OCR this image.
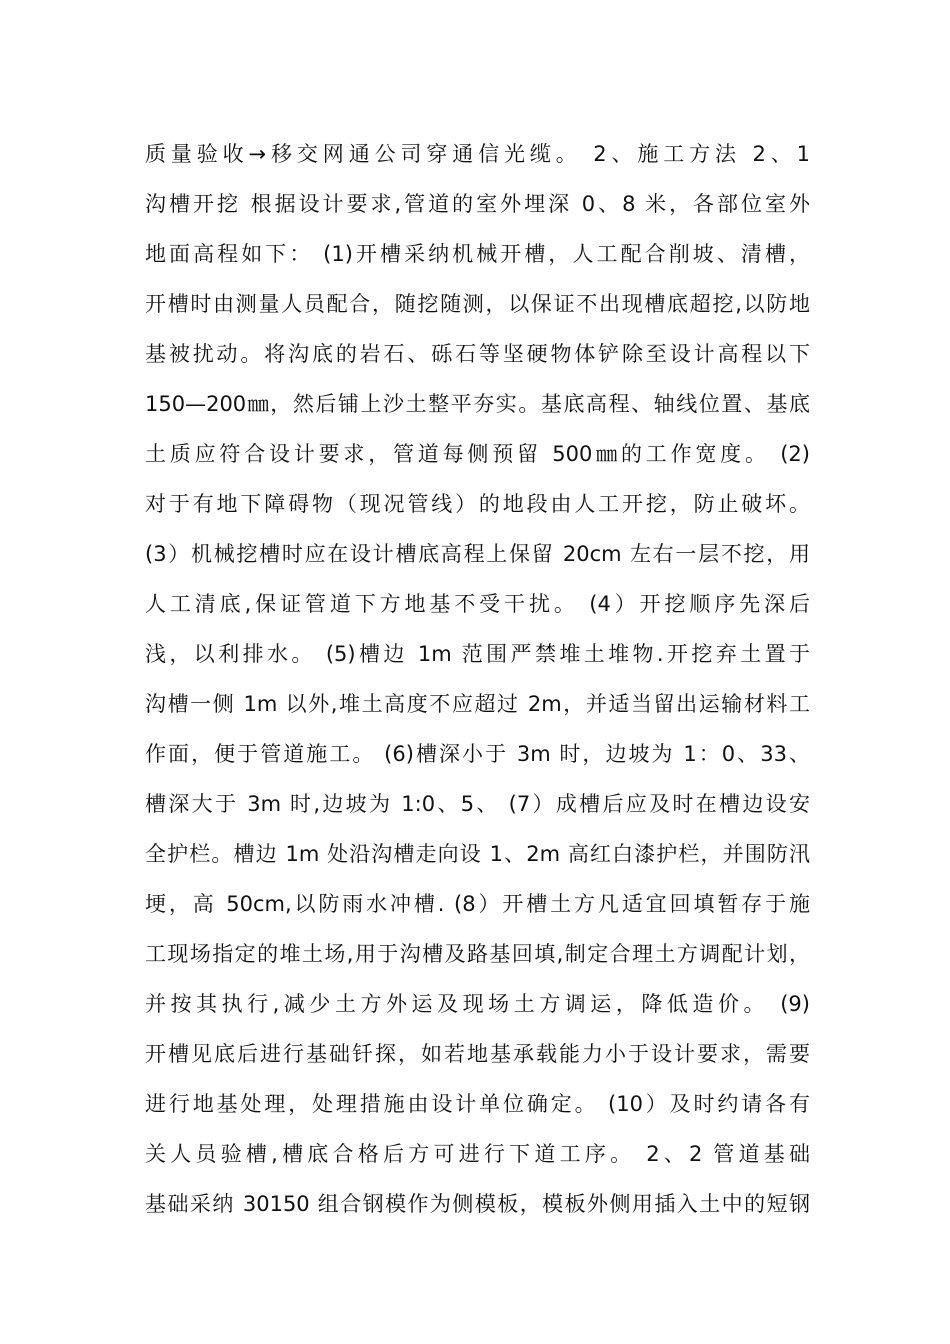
质量验收→移交网通公司穿通信光缆。 2、施工方法 2、1
沟槽开挖 根据设计要求,管道的室外埋深 0、8 米，各部位室外
地面高程如下： (1)开槽采纳机械开槽，人工配合削坡、清槽，
开槽时由测量人员配合，随挖随测，以保证不出现槽底超挖,以防地
基被扰动。将沟底的岩石、砾石等坚硬物体铲除至设计高程以下
150—200㎜，然后铺上沙土整平夯实。基底高程、轴线位置、基底
土质应符合设计要求，管道每侧预留 500㎜的工作宽度。 (2)
对于有地下障碍物（现况管线）的地段由人工开挖，防止破坏。
(3）机械挖槽时应在设计槽底高程上保留 20cm 左右一层不挖，用
人工清底,保证管道下方地基不受干扰。 (4）开挖顺序先深后
浅，以利排水。 (5)槽边 1m 范围严禁堆土堆物.开挖弃土置于
沟槽一侧 1m 以外,堆土高度不应超过 2m，并适当留出运输材料工
作面，便于管道施工。 (6)槽深小于 3m 时，边坡为 1：0、33、
槽深大于 3m 时,边坡为 1:0、5、 (7）成槽后应及时在槽边设安
全护栏。槽边 1m 处沿沟槽走向设 1、2m 高红白漆护栏，并围防汛
埂，高 50cm,以防雨水冲槽. (8）开槽土方凡适宜回填暂存于施
工现场指定的堆土场,用于沟槽及路基回填,制定合理土方调配计划，
并按其执行,减少土方外运及现场土方调运，降低造价。 (9)
开槽见底后进行基础钎探，如若地基承载能力小于设计要求，需要
进行地基处理，处理措施由设计单位确定。 (10）及时约请各有
关人员验槽,槽底合格后方可进行下道工序。 2、2 管道基础
基础采纳 30150 组合钢模作为侧模板，模板外侧用插入土中的短钢
